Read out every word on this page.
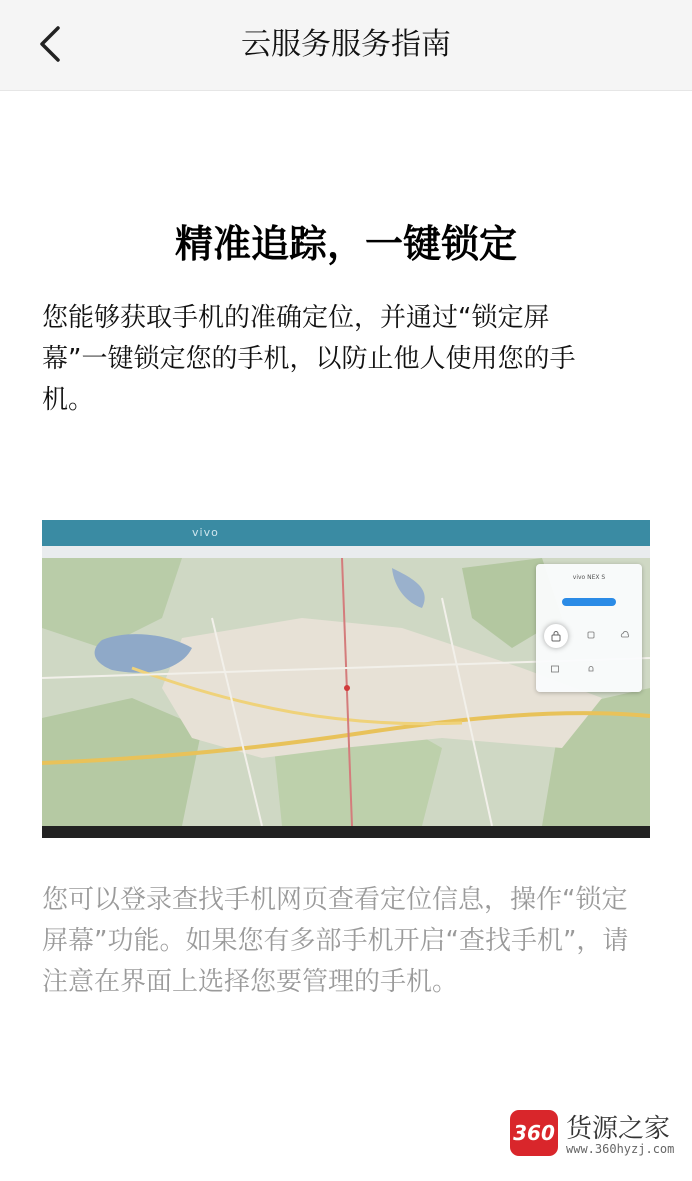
云服务服务指南
精准追踪，一键锁定
您能够获取手机的准确定位，并通过“锁定屏幕”一键锁定您的手机，以防止他人使用您的手机。
vivo
vivo NEX S
您可以登录查找手机网页查看定位信息，操作“锁定屏幕”功能。如果您有多部手机开启“查找手机”，请注意在界面上选择您要管理的手机。
360 货源之家
www.360hyzj.com
